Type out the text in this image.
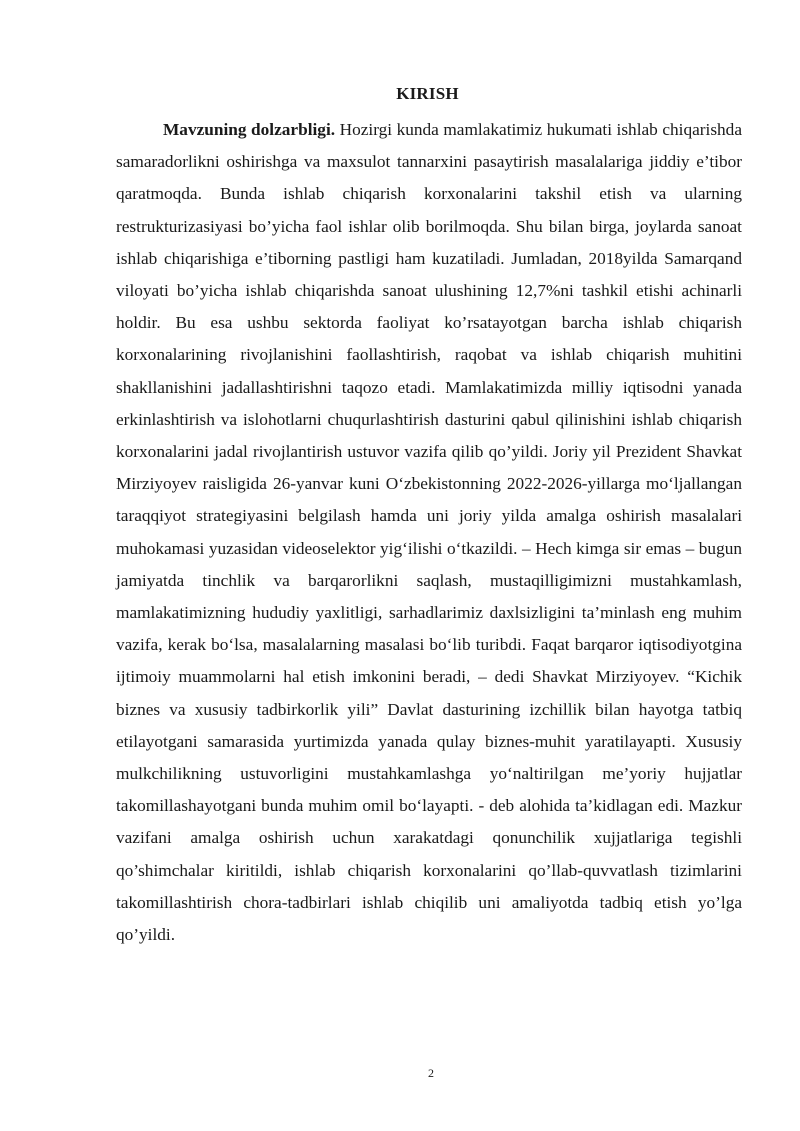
KIRISH

Mavzuning dolzarbligi. Hozirgi kunda mamlakatimiz hukumati ishlab chiqarishda samaradorlikni oshirishga va maxsulot tannarxini pasaytirish masalalariga jiddiy e’tibor qaratmoqda. Bunda ishlab chiqarish korxonalarini takshil etish va ularning restrukturizasiyasi bo’yicha faol ishlar olib borilmoqda. Shu bilan birga, joylarda sanoat ishlab chiqarishiga e’tiborning pastligi ham kuzatiladi. Jumladan, 2018yilda Samarqand viloyati bo’yicha ishlab chiqarishda sanoat ulushining 12,7%ni tashkil etishi achinarli holdir. Bu esa ushbu sektorda faoliyat ko’rsatayotgan barcha ishlab chiqarish korxonalarining rivojlanishini faollashtirish, raqobat va ishlab chiqarish muhitini shakllanishini jadallashtirishni taqozo etadi. Mamlakatimizda milliy iqtisodni yanada erkinlashtirish va islohotlarni chuqurlashtirish dasturini qabul qilinishini ishlab chiqarish korxonalarini jadal rivojlantirish ustuvor vazifa qilib qo’yildi. Joriy yil Prezident Shavkat Mirziyoyev raisligida 26-yanvar kuni O‘zbekistonning 2022-2026-yillarga mo‘ljallangan taraqqiyot strategiyasini belgilash hamda uni joriy yilda amalga oshirish masalalari muhokamasi yuzasidan videoselektor yig‘ilishi o‘tkazildi. – Hech kimga sir emas – bugun jamiyatda tinchlik va barqarorlikni saqlash, mustaqilligimizni mustahkamlash, mamlakatimizning hududiy yaxlitligi, sarhadlarimiz daxlsizligini ta’minlash eng muhim vazifa, kerak bo‘lsa, masalalarning masalasi bo‘lib turibdi. Faqat barqaror iqtisodiyotgina ijtimoiy muammolarni hal etish imkonini beradi, – dedi Shavkat Mirziyoyev. “Kichik biznes va xususiy tadbirkorlik yili” Davlat dasturining izchillik bilan hayotga tatbiq etilayotgani samarasida yurtimizda yanada qulay biznes-muhit yaratilayapti. Xususiy mulkchilikning ustuvorligini mustahkamlashga yo‘naltirilgan me’yoriy hujjatlar takomillashayotgani bunda muhim omil bo‘layapti. - deb alohida ta’kidlagan edi. Mazkur vazifani amalga oshirish uchun xarakatdagi qonunchilik xujjatlariga tegishli qo’shimchalar kiritildi, ishlab chiqarish korxonalarini qo’llab-quvvatlash tizimlarini takomillashtirish chora-tadbirlari ishlab chiqilib uni amaliyotda tadbiq etish yo’lga qo’yildi.

2
